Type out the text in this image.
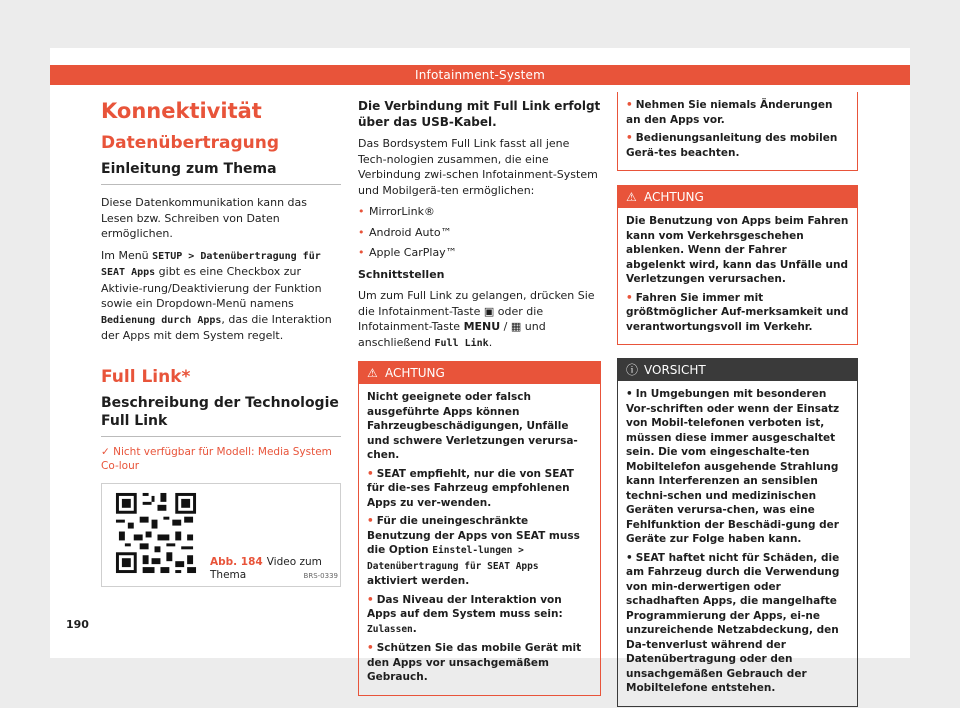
Infotainment-System
Konnektivität
Datenübertragung
Einleitung zum Thema

Diese Datenkommunikation kann das Lesen bzw. Schreiben von Daten ermöglichen.

Im Menü SETUP > Datenübertragung für SEAT Apps gibt es eine Checkbox zur Aktivie-rung/Deaktivierung der Funktion sowie ein Dropdown-Menü namens Bedienung durch Apps, das die Interaktion der Apps mit dem System regelt.

Full Link*
Beschreibung der Technologie Full Link
✓ Nicht verfügbar für Modell: Media System Co-lour
BRS-0339
Abb. 184 Video zum Thema

Die Verbindung mit Full Link erfolgt über das USB-Kabel.

Das Bordsystem Full Link fasst all jene Tech-nologien zusammen, die eine Verbindung zwi-schen Infotainment-System und Mobilgerä-ten ermöglichen:

• MirrorLink®
• Android Auto™
• Apple CarPlay™

Schnittstellen

Um zum Full Link zu gelangen, drücken Sie die Infotainment-Taste ▣ oder die Infotainment-Taste MENU / ▦ und anschließend Full Link.

⚠ ACHTUNG

Nicht geeignete oder falsch ausgeführte Apps können Fahrzeugbeschädigungen, Unfälle und schwere Verletzungen verursa-chen.

• SEAT empfiehlt, nur die von SEAT für die-ses Fahrzeug empfohlenen Apps zu ver-wenden.

• Für die uneingeschränkte Benutzung der Apps von SEAT muss die Option Einstel-lungen > Datenübertragung für SEAT Apps aktiviert werden.

• Das Niveau der Interaktion von Apps auf dem System muss sein: Zulassen.

• Schützen Sie das mobile Gerät mit den Apps vor unsachgemäßem Gebrauch.

• Nehmen Sie niemals Änderungen an den Apps vor.

• Bedienungsanleitung des mobilen Gerä-tes beachten.

⚠ ACHTUNG

Die Benutzung von Apps beim Fahren kann vom Verkehrsgeschehen ablenken. Wenn der Fahrer abgelenkt wird, kann das Unfälle und Verletzungen verursachen.

• Fahren Sie immer mit größtmöglicher Auf-merksamkeit und verantwortungsvoll im Verkehr.

ⓘ VORSICHT

• In Umgebungen mit besonderen Vor-schriften oder wenn der Einsatz von Mobil-telefonen verboten ist, müssen diese immer ausgeschaltet sein. Die vom eingeschalte-ten Mobiltelefon ausgehende Strahlung kann Interferenzen an sensiblen techni-schen und medizinischen Geräten verursa-chen, was eine Fehlfunktion der Beschädi-gung der Geräte zur Folge haben kann.

• SEAT haftet nicht für Schäden, die am Fahrzeug durch die Verwendung von min-derwertigen oder schadhaften Apps, die mangelhafte Programmierung der Apps, ei-ne unzureichende Netzabdeckung, den Da-tenverlust während der Datenübertragung oder den unsachgemäßen Gebrauch der Mobiltelefone entstehen.

190
